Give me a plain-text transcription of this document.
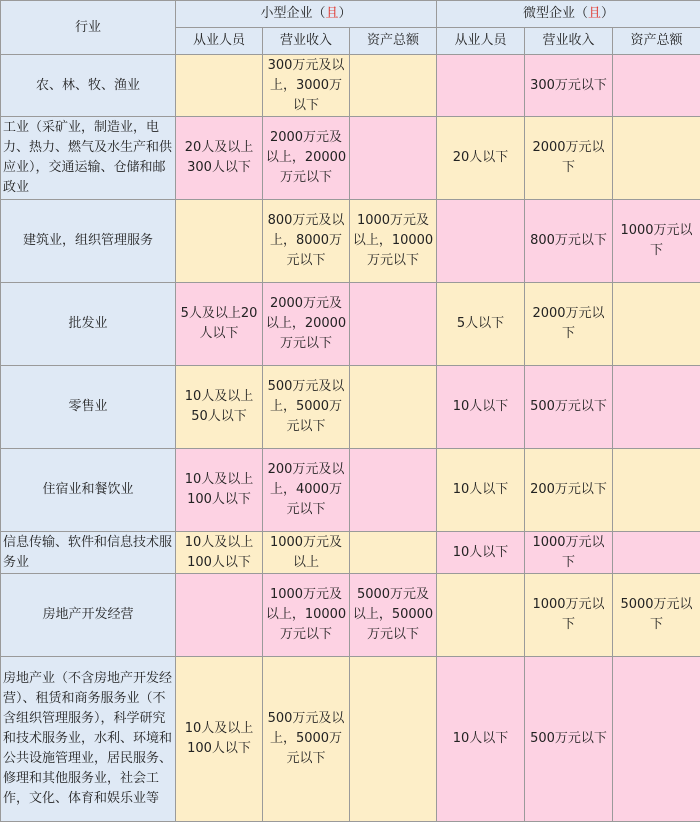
行业	小型企业（且）			微型企业（且）		
	从业人员	营业收入	资产总额	从业人员	营业收入	资产总额
农、林、牧、渔业		300万元及以上，3000万以下			300万元以下	
工业（采矿业，制造业，电力、热力、燃气及水生产和供应业），交通运输、仓储和邮政业	20人及以上300人以下	2000万元及以上，20000万元以下		20人以下	2000万元以下	
建筑业，组织管理服务		800万元及以上，8000万元以下	1000万元及以上，10000万元以下		800万元以下	1000万元以下
批发业	5人及以上20人以下	2000万元及以上，20000万元以下		5人以下	2000万元以下	
零售业	10人及以上50人以下	500万元及以上，5000万元以下		10人以下	500万元以下	
住宿业和餐饮业	10人及以上100人以下	200万元及以上，4000万元以下		10人以下	200万元以下	
信息传输、软件和信息技术服务业	10人及以上100人以下	1000万元及以上		10人以下	1000万元以下	
房地产开发经营		1000万元及以上，10000万元以下	5000万元及以上，50000万元以下		1000万元以下	5000万元以下
房地产业（不含房地产开发经营）、租赁和商务服务业（不含组织管理服务），科学研究和技术服务业，水利、环境和公共设施管理业，居民服务、修理和其他服务业，社会工作，文化、体育和娱乐业等	10人及以上100人以下	500万元及以上，5000万元以下		10人以下	500万元以下	
